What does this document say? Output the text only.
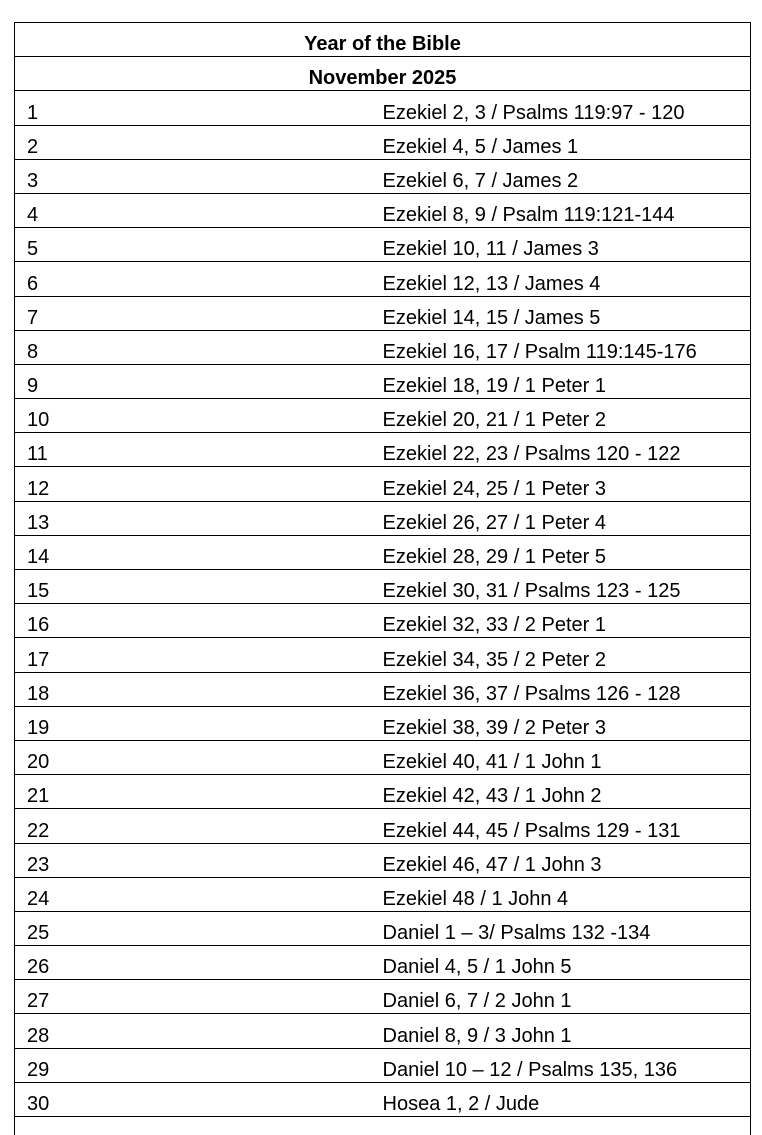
Year of the Bible	
November 2025	
1	Ezekiel 2, 3 / Psalms 119:97 - 120
2	Ezekiel 4, 5 / James 1
3	Ezekiel 6, 7 / James 2
4	Ezekiel 8, 9 / Psalm 119:121-144
5	Ezekiel 10, 11 / James 3
6	Ezekiel 12, 13 / James 4
7	Ezekiel 14, 15 / James 5
8	Ezekiel 16, 17 / Psalm 119:145-176
9	Ezekiel 18, 19 / 1 Peter 1
10	Ezekiel 20, 21 / 1 Peter 2
11	Ezekiel 22, 23 / Psalms 120 - 122
12	Ezekiel 24, 25 / 1 Peter 3
13	Ezekiel 26, 27 / 1 Peter 4
14	Ezekiel 28, 29 / 1 Peter 5
15	Ezekiel 30, 31 / Psalms 123 - 125
16	Ezekiel 32, 33 / 2 Peter 1
17	Ezekiel 34, 35 / 2 Peter 2
18	Ezekiel 36, 37 / Psalms 126 - 128
19	Ezekiel 38, 39 / 2 Peter 3
20	Ezekiel 40, 41 / 1 John 1
21	Ezekiel 42, 43 / 1 John 2
22	Ezekiel 44, 45 / Psalms 129 - 131
23	Ezekiel 46, 47 / 1 John 3
24	Ezekiel 48 / 1 John 4
25	Daniel 1 – 3/ Psalms 132 -134
26	Daniel 4, 5 / 1 John 5
27	Daniel 6, 7 / 2 John 1
28	Daniel 8, 9 / 3 John 1
29	Daniel 10 – 12 / Psalms 135, 136
30	Hosea 1, 2 / Jude
